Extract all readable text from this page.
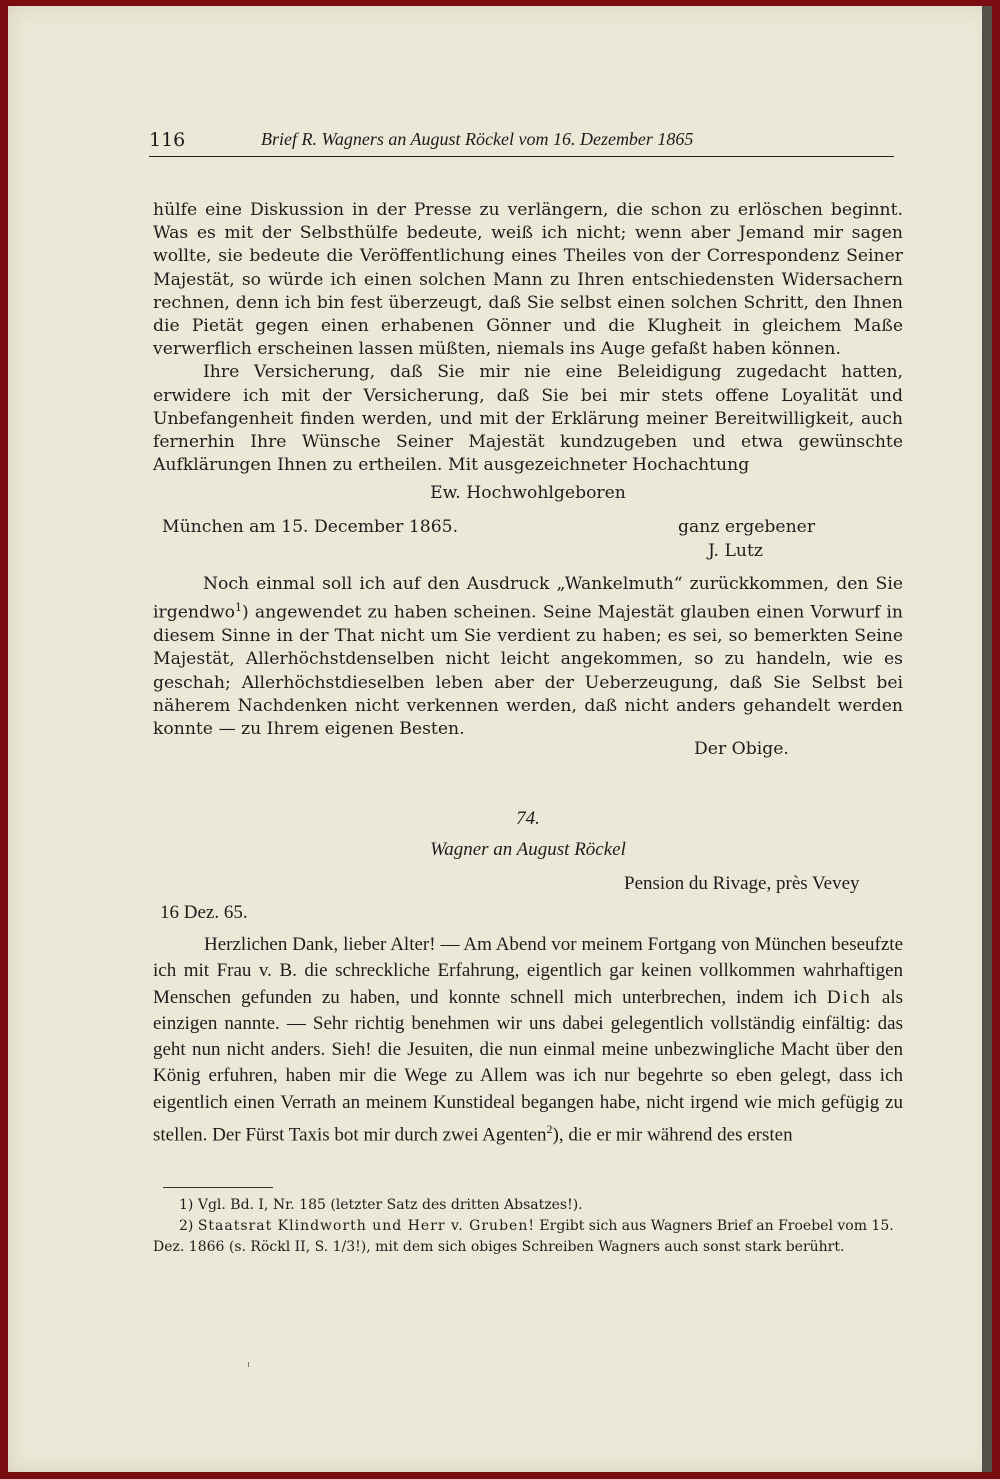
116	Brief R. Wagners an August Röckel vom 16. Dezember 1865

hülfe eine Diskussion in der Presse zu verlängern, die schon zu erlöschen beginnt. Was es mit der Selbsthülfe bedeute, weiß ich nicht; wenn aber Jemand mir sagen wollte, sie bedeute die Veröffentlichung eines Theiles von der Correspondenz Seiner Majestät, so würde ich einen solchen Mann zu Ihren entschiedensten Widersachern rechnen, denn ich bin fest überzeugt, daß Sie selbst einen solchen Schritt, den Ihnen die Pietät gegen einen erhabenen Gönner und die Klugheit in gleichem Maße verwerflich erscheinen lassen müßten, niemals ins Auge gefaßt haben können.

Ihre Versicherung, daß Sie mir nie eine Beleidigung zugedacht hatten, erwidere ich mit der Versicherung, daß Sie bei mir stets offene Loyalität und Unbefangenheit finden werden, und mit der Erklärung meiner Bereitwilligkeit, auch fernerhin Ihre Wünsche Seiner Majestät kundzugeben und etwa gewünschte Aufklärungen Ihnen zu ertheilen. Mit ausgezeichneter Hochachtung

Ew. Hochwohlgeboren
München am 15. December 1865.	ganz ergebener
J. Lutz

Noch einmal soll ich auf den Ausdruck „Wankelmuth“ zurückkommen, den Sie irgendwo$^1$) angewendet zu haben scheinen. Seine Majestät glauben einen Vorwurf in diesem Sinne in der That nicht um Sie verdient zu haben; es sei, so bemerkten Seine Majestät, Allerhöchstdenselben nicht leicht angekommen, so zu handeln, wie es geschah; Allerhöchstdieselben leben aber der Ueberzeugung, daß Sie Selbst bei näherem Nachdenken nicht verkennen werden, daß nicht anders gehandelt werden konnte — zu Ihrem eigenen Besten.

Der Obige.
74.
Wagner an August Röckel
Pension du Rivage, près Vevey
16 Dez. 65.

Herzlichen Dank, lieber Alter! — Am Abend vor meinem Fortgang von München beseufzte ich mit Frau v. B. die schreckliche Erfahrung, eigentlich gar keinen vollkommen wahrhaftigen Menschen gefunden zu haben, und konnte schnell mich unterbrechen, indem ich Dich als einzigen nannte. — Sehr richtig benehmen wir uns dabei gelegentlich vollständig einfältig: das geht nun nicht anders. Sieh! die Jesuiten, die nun einmal meine unbezwingliche Macht über den König erfuhren, haben mir die Wege zu Allem was ich nur begehrte so eben gelegt, dass ich eigentlich einen Verrath an meinem Kunstideal begangen habe, nicht irgend wie mich gefügig zu stellen. Der Fürst Taxis bot mir durch zwei Agenten$^2$), die er mir während des ersten

1) Vgl. Bd. I, Nr. 185 (letzter Satz des dritten Absatzes!).

2) Staatsrat Klindworth und Herr v. Gruben! Ergibt sich aus Wagners Brief an Froebel vom 15. Dez. 1866 (s. Röckl II, S. 1/3!), mit dem sich obiges Schreiben Wagners auch sonst stark berührt.
